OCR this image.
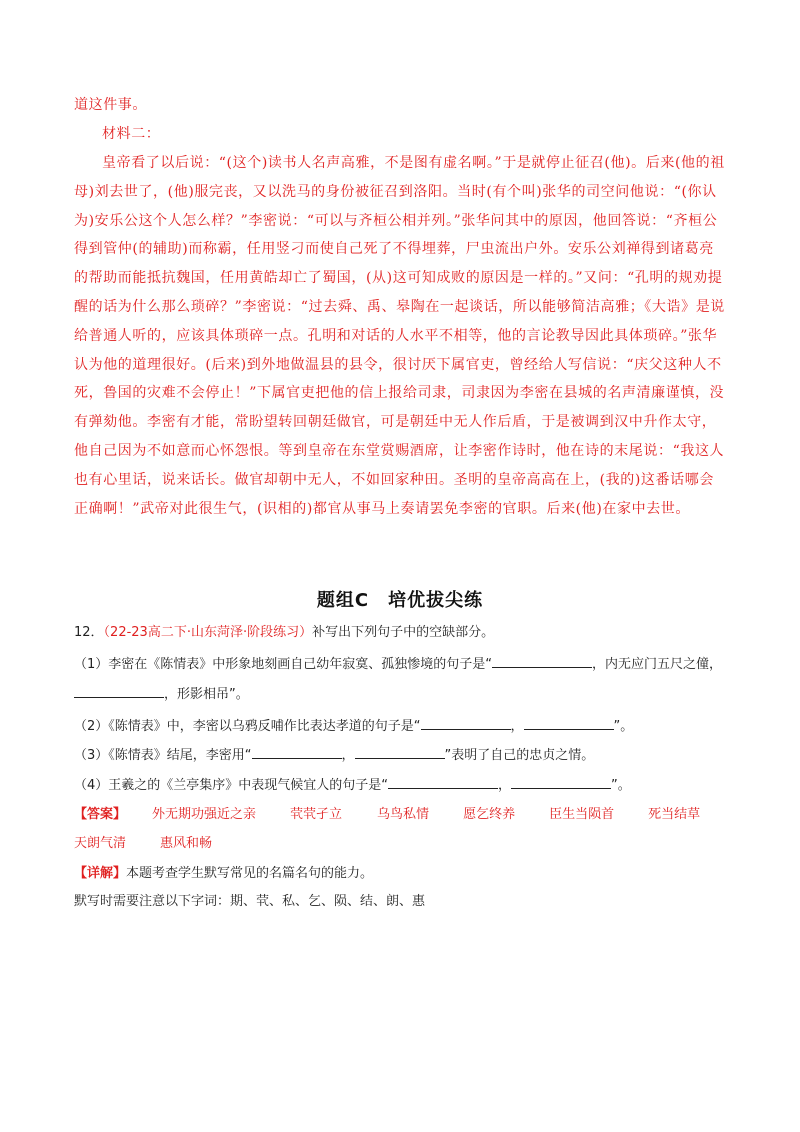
道这件事。

材料二：

皇帝看了以后说：“(这个)读书人名声高雅，不是图有虚名啊。”于是就停止征召(他)。后来(他的祖母)刘去世了，(他)服完丧，又以洗马的身份被征召到洛阳。当时(有个叫)张华的司空问他说：“(你认为)安乐公这个人怎么样？”李密说：“可以与齐桓公相并列。”张华问其中的原因，他回答说：“齐桓公得到管仲(的辅助)而称霸，任用竖刁而使自己死了不得埋葬，尸虫流出户外。安乐公刘禅得到诸葛亮的帮助而能抵抗魏国，任用黄皓却亡了蜀国，(从)这可知成败的原因是一样的。”又问：“孔明的规劝提醒的话为什么那么琐碎？”李密说：“过去舜、禹、皋陶在一起谈话，所以能够简洁高雅；《大诰》是说给普通人听的，应该具体琐碎一点。孔明和对话的人水平不相等，他的言论教导因此具体琐碎。”张华认为他的道理很好。(后来)到外地做温县的县令，很讨厌下属官吏，曾经给人写信说：“庆父这种人不死，鲁国的灾难不会停止！”下属官吏把他的信上报给司隶，司隶因为李密在县城的名声清廉谨慎，没有弹劾他。李密有才能，常盼望转回朝廷做官，可是朝廷中无人作后盾，于是被调到汉中升作太守，他自己因为不如意而心怀怨恨。等到皇帝在东堂赏赐酒席，让李密作诗时，他在诗的末尾说：“我这人也有心里话，说来话长。做官却朝中无人，不如回家种田。圣明的皇帝高高在上，(我的)这番话哪会正确啊！”武帝对此很生气，(识相的)都官从事马上奏请罢免李密的官职。后来(他)在家中去世。

题组C　培优拔尖练
12．（22-23高二下·山东菏泽·阶段练习）补写出下列句子中的空缺部分。
（1）李密在《陈情表》中形象地刻画自己幼年寂寞、孤独惨境的句子是“	，内无应门五尺之僮，
，形影相吊”。
（2）《陈情表》中，李密以乌鸦反哺作比表达孝道的句子是“	，	”。
（3）《陈情表》结尾，李密用“	，	”表明了自己的忠贞之情。
（4）王羲之的《兰亭集序》中表现气候宜人的句子是“	，	”。
【答案】 外无期功强近之亲	茕茕孑立	乌鸟私情	愿乞终养	臣生当陨首	死当结草
天朗气清	惠风和畅
【详解】本题考查学生默写常见的名篇名句的能力。
默写时需要注意以下字词：期、茕、私、乞、陨、结、朗、惠
